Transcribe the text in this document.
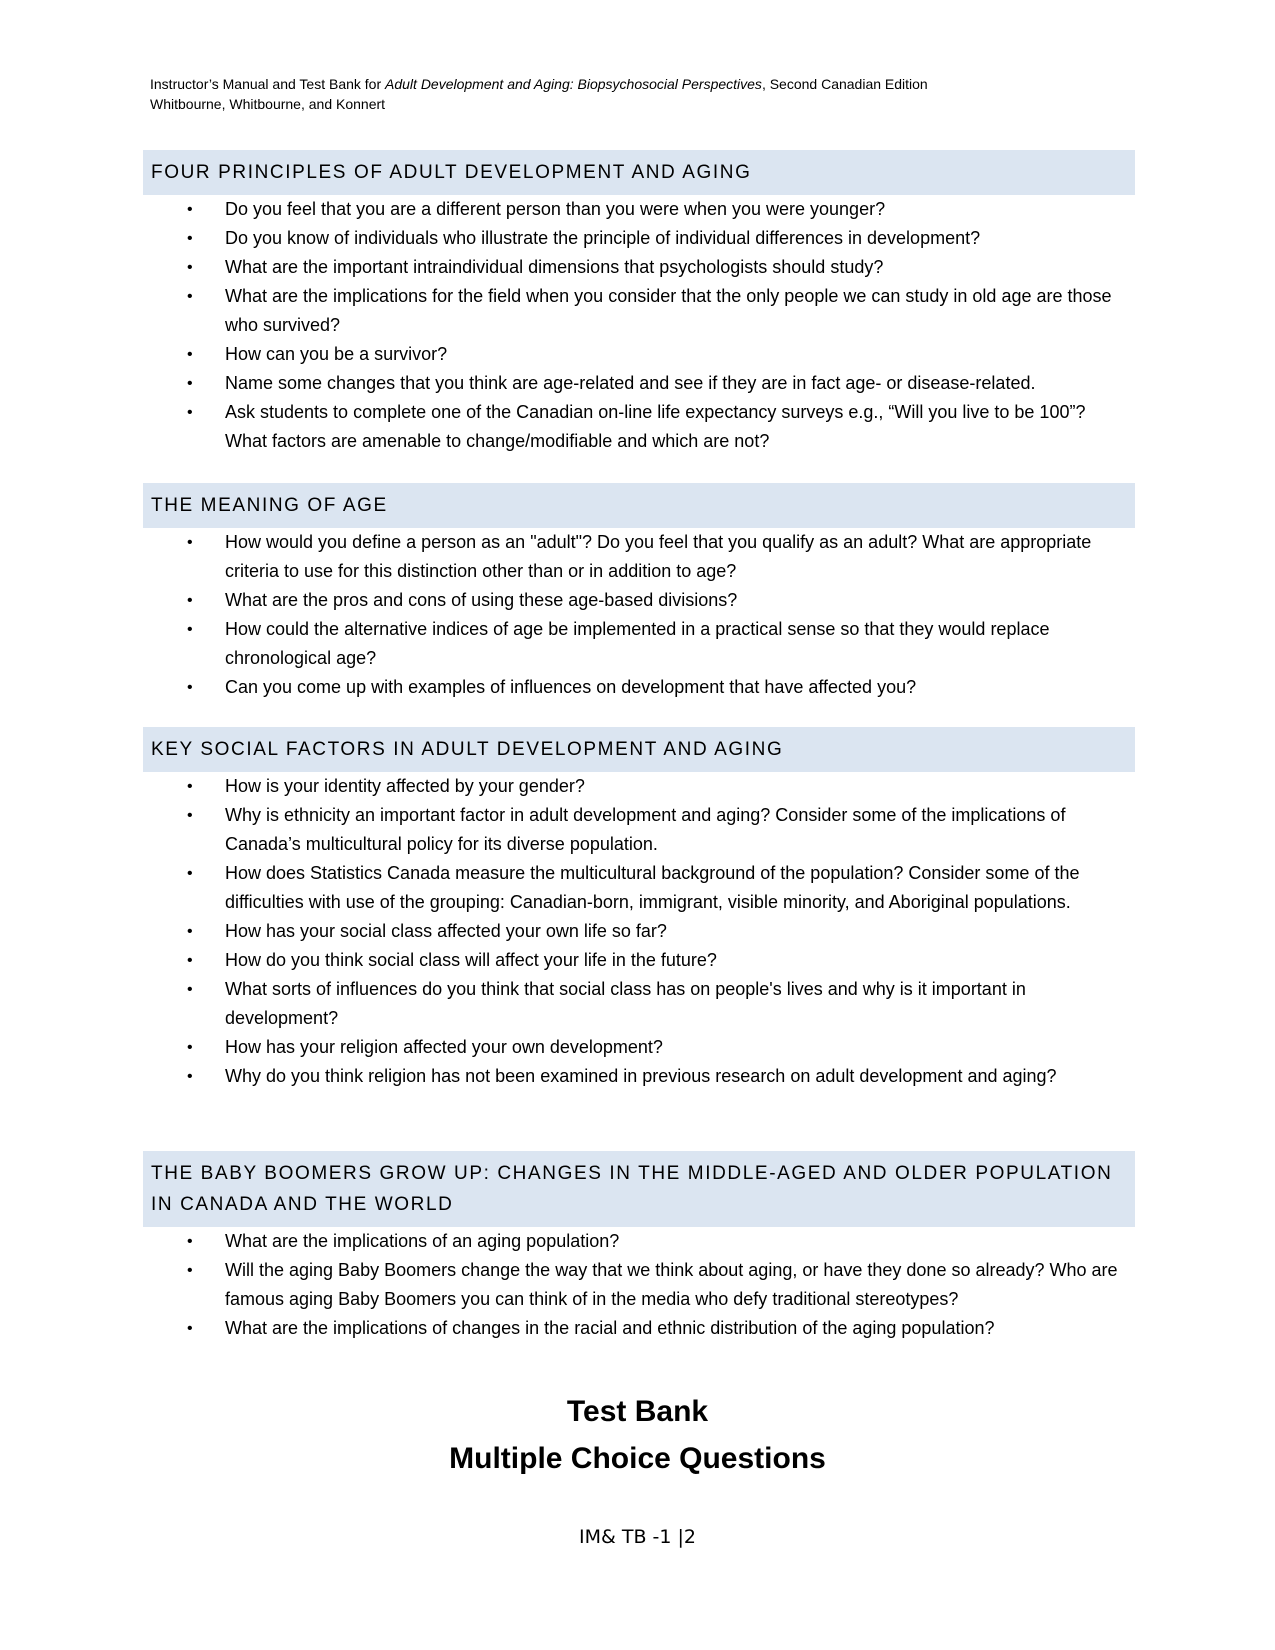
Instructor’s Manual and Test Bank for Adult Development and Aging: Biopsychosocial Perspectives, Second Canadian Edition
Whitbourne, Whitbourne, and Konnert
FOUR PRINCIPLES OF ADULT DEVELOPMENT AND AGING
• Do you feel that you are a different person than you were when you were younger?
• Do you know of individuals who illustrate the principle of individual differences in development?
• What are the important intraindividual dimensions that psychologists should study?
• What are the implications for the field when you consider that the only people we can study in old age are those who survived?
• How can you be a survivor?
• Name some changes that you think are age-related and see if they are in fact age- or disease-related.
• Ask students to complete one of the Canadian on-line life expectancy surveys e.g., “Will you live to be 100”? What factors are amenable to change/modifiable and which are not?
THE MEANING OF AGE
• How would you define a person as an "adult"? Do you feel that you qualify as an adult? What are appropriate criteria to use for this distinction other than or in addition to age?
• What are the pros and cons of using these age-based divisions?
• How could the alternative indices of age be implemented in a practical sense so that they would replace chronological age?
• Can you come up with examples of influences on development that have affected you?
KEY SOCIAL FACTORS IN ADULT DEVELOPMENT AND AGING
• How is your identity affected by your gender?
• Why is ethnicity an important factor in adult development and aging? Consider some of the implications of Canada’s multicultural policy for its diverse population.
• How does Statistics Canada measure the multicultural background of the population? Consider some of the difficulties with use of the grouping: Canadian-born, immigrant, visible minority, and Aboriginal populations.
• How has your social class affected your own life so far?
• How do you think social class will affect your life in the future?
• What sorts of influences do you think that social class has on people's lives and why is it important in development?
• How has your religion affected your own development?
• Why do you think religion has not been examined in previous research on adult development and aging?
THE BABY BOOMERS GROW UP: CHANGES IN THE MIDDLE-AGED AND OLDER POPULATION IN CANADA AND THE WORLD
• What are the implications of an aging population?
• Will the aging Baby Boomers change the way that we think about aging, or have they done so already? Who are famous aging Baby Boomers you can think of in the media who defy traditional stereotypes?
• What are the implications of changes in the racial and ethnic distribution of the aging population?
Test Bank
Multiple Choice Questions
IM& TB -1 |2
